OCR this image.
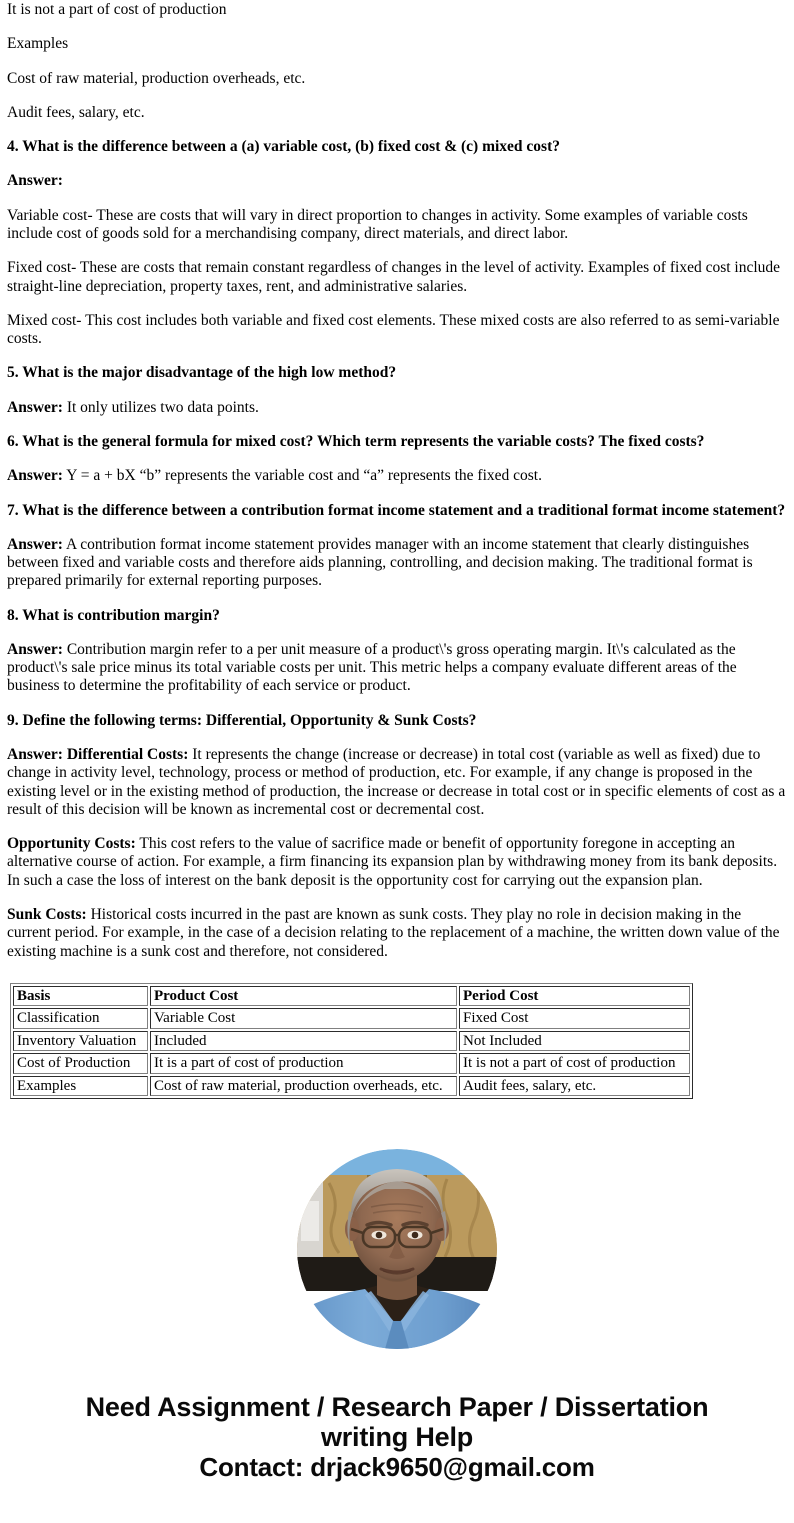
It is not a part of cost of production

Examples

Cost of raw material, production overheads, etc.

Audit fees, salary, etc.

4. What is the difference between a (a) variable cost, (b) fixed cost & (c) mixed cost?

Answer:

Variable cost- These are costs that will vary in direct proportion to changes in activity. Some examples of variable costs include cost of goods sold for a merchandising company, direct materials, and direct labor.

Fixed cost- These are costs that remain constant regardless of changes in the level of activity. Examples of fixed cost include straight-line depreciation, property taxes, rent, and administrative salaries.

Mixed cost- This cost includes both variable and fixed cost elements. These mixed costs are also referred to as semi-variable costs.

5. What is the major disadvantage of the high low method?

Answer: It only utilizes two data points.

6. What is the general formula for mixed cost? Which term represents the variable costs? The fixed costs?

Answer: Y = a + bX “b” represents the variable cost and “a” represents the fixed cost.

7. What is the difference between a contribution format income statement and a traditional format income statement?

Answer: A contribution format income statement provides manager with an income statement that clearly distinguishes between fixed and variable costs and therefore aids planning, controlling, and decision making. The traditional format is prepared primarily for external reporting purposes.

8. What is contribution margin?

Answer: Contribution margin refer to a per unit measure of a product\'s gross operating margin. It\'s calculated as the product\'s sale price minus its total variable costs per unit. This metric helps a company evaluate different areas of the business to determine the profitability of each service or product.

9. Define the following terms: Differential, Opportunity & Sunk Costs?

Answer: Differential Costs: It represents the change (increase or decrease) in total cost (variable as well as fixed) due to change in activity level, technology, process or method of production, etc. For example, if any change is proposed in the existing level or in the existing method of production, the increase or decrease in total cost or in specific elements of cost as a result of this decision will be known as incremental cost or decremental cost.

Opportunity Costs: This cost refers to the value of sacrifice made or benefit of opportunity foregone in accepting an alternative course of action. For example, a firm financing its expansion plan by withdrawing money from its bank deposits. In such a case the loss of interest on the bank deposit is the opportunity cost for carrying out the expansion plan.

Sunk Costs: Historical costs incurred in the past are known as sunk costs. They play no role in decision making in the current period. For example, in the case of a decision relating to the replacement of a machine, the written down value of the existing machine is a sunk cost and therefore, not considered.

Basis	Product Cost	Period Cost
Classification	Variable Cost	Fixed Cost
Inventory Valuation	Included	Not Included
Cost of Production	It is a part of cost of production	It is not a part of cost of production
Examples	Cost of raw material, production overheads, etc.	Audit fees, salary, etc.
Need Assignment / Research Paper / Dissertation
writing Help
Contact: drjack9650@gmail.com
